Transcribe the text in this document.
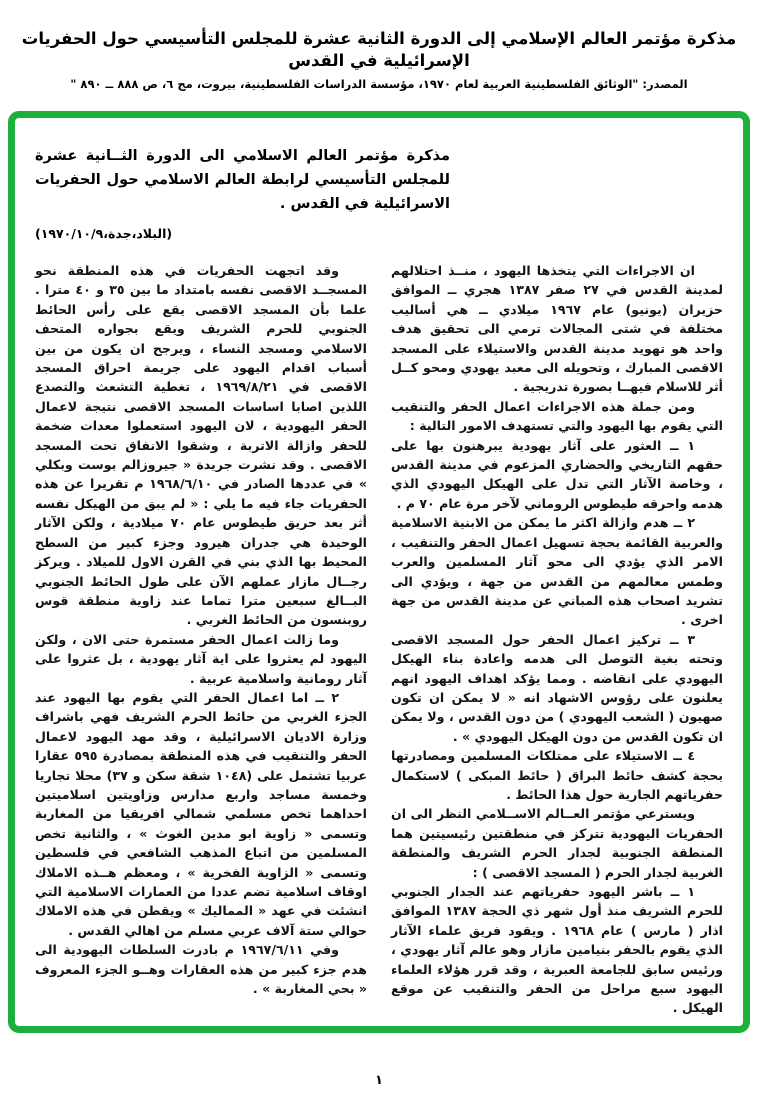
مذكرة مؤتمر العالم الإسلامي إلى الدورة الثانية عشرة للمجلس التأسيسي حول الحفريات الإسرائيلية في القدس
المصدر: "الوثائق الفلسطينية العربية لعام ١٩٧٠، مؤسسة الدراسات الفلسطينية، بيروت، مج ٦، ص ٨٨٨ ــ ٨٩٠ "
مذكرة مؤتمر العالم الاسلامي الى الدورة الثــانية عشرة للمجلس التأسيسي لرابطة العالم الاسلامي حول الحفريات الاسرائيلية في القدس .
(البلاد،جدة،١٩٧٠/١٠/٩)

ان الاجراءات التي يتخذها اليهود ، منــذ احتلالهم لمدينة القدس في ٢٧ صفر ١٣٨٧ هجري ــ الموافق حزيران (يونيو) عام ١٩٦٧ ميلادي ــ هي أساليب مختلفة في شتى المجالات ترمي الى تحقيق هدف واحد هو تهويد مدينة القدس والاستيلاء على المسجد الاقصى المبارك ، وتحويله الى معبد يهودي ومحو كــل أثر للاسلام فيهــا بصورة تدريجية .

ومن جملة هذه الاجراءات اعمال الحفر والتنقيب التي يقوم بها اليهود والتي تستهدف الامور التالية :

١ ــ العثور على آثار يهودية يبرهنون بها على حقهم التاريخي والحضاري المزعوم في مدينة القدس ، وخاصة الآثار التي تدل على الهيكل اليهودي الذي هدمه واحرقه طيطوس الروماني لآخر مرة عام ٧٠ م .

٢ ــ هدم وازالة اكثر ما يمكن من الابنية الاسلامية والعربية القائمة بحجة تسهيل اعمال الحفر والتنقيب ، الامر الذي يؤدي الى محو آثار المسلمين والعرب وطمس معالمهم من القدس من جهة ، ويؤدي الى تشريد اصحاب هذه المباني عن مدينة القدس من جهة اخرى .

٣ ــ تركيز اعمال الحفر حول المسجد الاقصى وتحته بغية التوصل الى هدمه واعادة بناء الهيكل اليهودي على انقاضه . ومما يؤكد اهداف اليهود انهم يعلنون على رؤوس الاشهاد انه « لا يمكن ان تكون صهيون ( الشعب اليهودي ) من دون القدس ، ولا يمكن ان تكون القدس من دون الهيكل اليهودي » .

٤ ــ الاستيلاء على ممتلكات المسلمين ومصادرتها بحجة كشف حائط البراق ( حائط المبكى ) لاستكمال حفرياتهم الجارية حول هذا الحائط .

ويسترعي مؤتمر العــالم الاســلامي النظر الى ان الحفريات اليهودية تتركز في منطقتين رئيسيتين هما المنطقة الجنوبية لجدار الحرم الشريف والمنطقة الغربية لجدار الحرم ( المسجد الاقصى ) :

١ ــ باشر اليهود حفرياتهم عند الجدار الجنوبي للحرم الشريف منذ أول شهر ذي الحجة ١٣٨٧ الموافق اذار ( مارس ) عام ١٩٦٨ . ويقود فريق علماء الآثار الذي يقوم بالحفر بنيامين مازار وهو عالم آثار يهودي ، ورئيس سابق للجامعة العبرية ، وقد قرر هؤلاء العلماء اليهود سبع مراحل من الحفر والتنقيب عن موقع الهيكل .

وقد اتجهت الحفريات في هذه المنطقة نحو المسجــد الاقصى نفسه بامتداد ما بين ٣٥ و ٤٠ مترا . علما بأن المسجد الاقصى يقع على رأس الحائط الجنوبي للحرم الشريف ويقع بجواره المتحف الاسلامي ومسجد النساء ، ويرجح ان يكون من بين أسباب اقدام اليهود على جريمة احراق المسجد الاقصى في ١٩٦٩/٨/٢١ ، تغطية التشعث والتصدع اللذين اصابا اساسات المسجد الاقصى نتيجة لاعمال الحفر اليهودية ، لان اليهود استعملوا معدات ضخمة للحفر وازالة الاتربة ، وشقوا الانفاق تحت المسجد الاقصى . وقد نشرت جريدة « جيروزالم بوست وبكلي » في عددها الصادر في ١٩٦٨/٦/١٠ م تقريرا عن هذه الحفريات جاء فيه ما يلي : « لم يبق من الهيكل نفسه أثر بعد حريق طيطوس عام ٧٠ ميلادية ، ولكن الآثار الوحيدة هي جدران هيرود وجزء كبير من السطح المحيط بها الذي بني في القرن الاول للميلاد . ويركز رجــال مازار عملهم الآن على طول الحائط الجنوبي البــالغ سبعين مترا تماما عند زاوية منطقة قوس روبنسون من الحائط الغربي .

وما زالت اعمال الحفر مستمرة حتى الان ، ولكن اليهود لم يعثروا على اية آثار يهودية ، بل عثروا على آثار رومانية واسلامية عربية .

٢ ــ اما اعمال الحفر التي يقوم بها اليهود عند الجزء الغربي من حائط الحرم الشريف فهي باشراف وزارة الاديان الاسرائيلية ، وقد مهد اليهود لاعمال الحفر والتنقيب في هذه المنطقة بمصادرة ٥٩٥ عقارا عربيا تشتمل على (١٠٤٨ شقة سكن و ٣٧) محلا تجاريا وخمسة مساجد واربع مدارس وزاويتين اسلاميتين احداهما تخص مسلمي شمالي افريقيا من المغاربة وتسمى « زاوية ابو مدين الغوث » ، والثانية تخص المسلمين من اتباع المذهب الشافعي في فلسطين وتسمى « الزاوية الفخرية » ، ومعظم هــذه الاملاك اوقاف اسلامية تضم عددا من العمارات الاسلامية التي انشئت في عهد « المماليك » ويقطن في هذه الاملاك حوالي ستة آلاف عربي مسلم من اهالي القدس .

وفي ١٩٦٧/٦/١١ م بادرت السلطات اليهودية الى هدم جزء كبير من هذه العقارات وهــو الجزء المعروف « بحي المغاربة » .

١
